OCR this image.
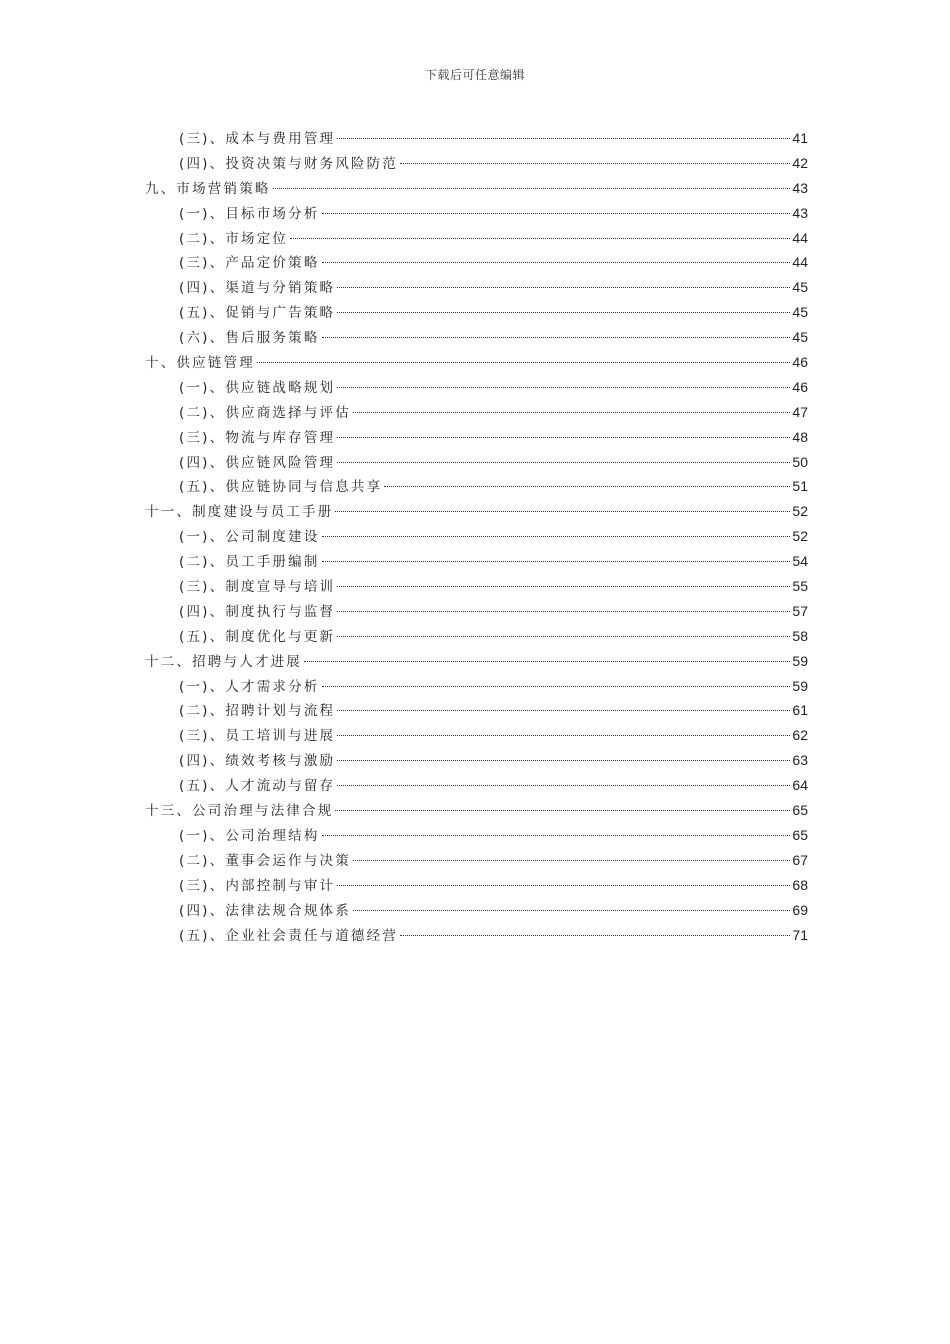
下载后可任意编辑
(三)、成本与费用管理	41
(四)、投资决策与财务风险防范	42
九、市场营销策略	43
(一)、目标市场分析	43
(二)、市场定位	44
(三)、产品定价策略	44
(四)、渠道与分销策略	45
(五)、促销与广告策略	45
(六)、售后服务策略	45
十、供应链管理	46
(一)、供应链战略规划	46
(二)、供应商选择与评估	47
(三)、物流与库存管理	48
(四)、供应链风险管理	50
(五)、供应链协同与信息共享	51
十一、制度建设与员工手册	52
(一)、公司制度建设	52
(二)、员工手册编制	54
(三)、制度宣导与培训	55
(四)、制度执行与监督	57
(五)、制度优化与更新	58
十二、招聘与人才进展	59
(一)、人才需求分析	59
(二)、招聘计划与流程	61
(三)、员工培训与进展	62
(四)、绩效考核与激励	63
(五)、人才流动与留存	64
十三、公司治理与法律合规	65
(一)、公司治理结构	65
(二)、董事会运作与决策	67
(三)、内部控制与审计	68
(四)、法律法规合规体系	69
(五)、企业社会责任与道德经营	71
